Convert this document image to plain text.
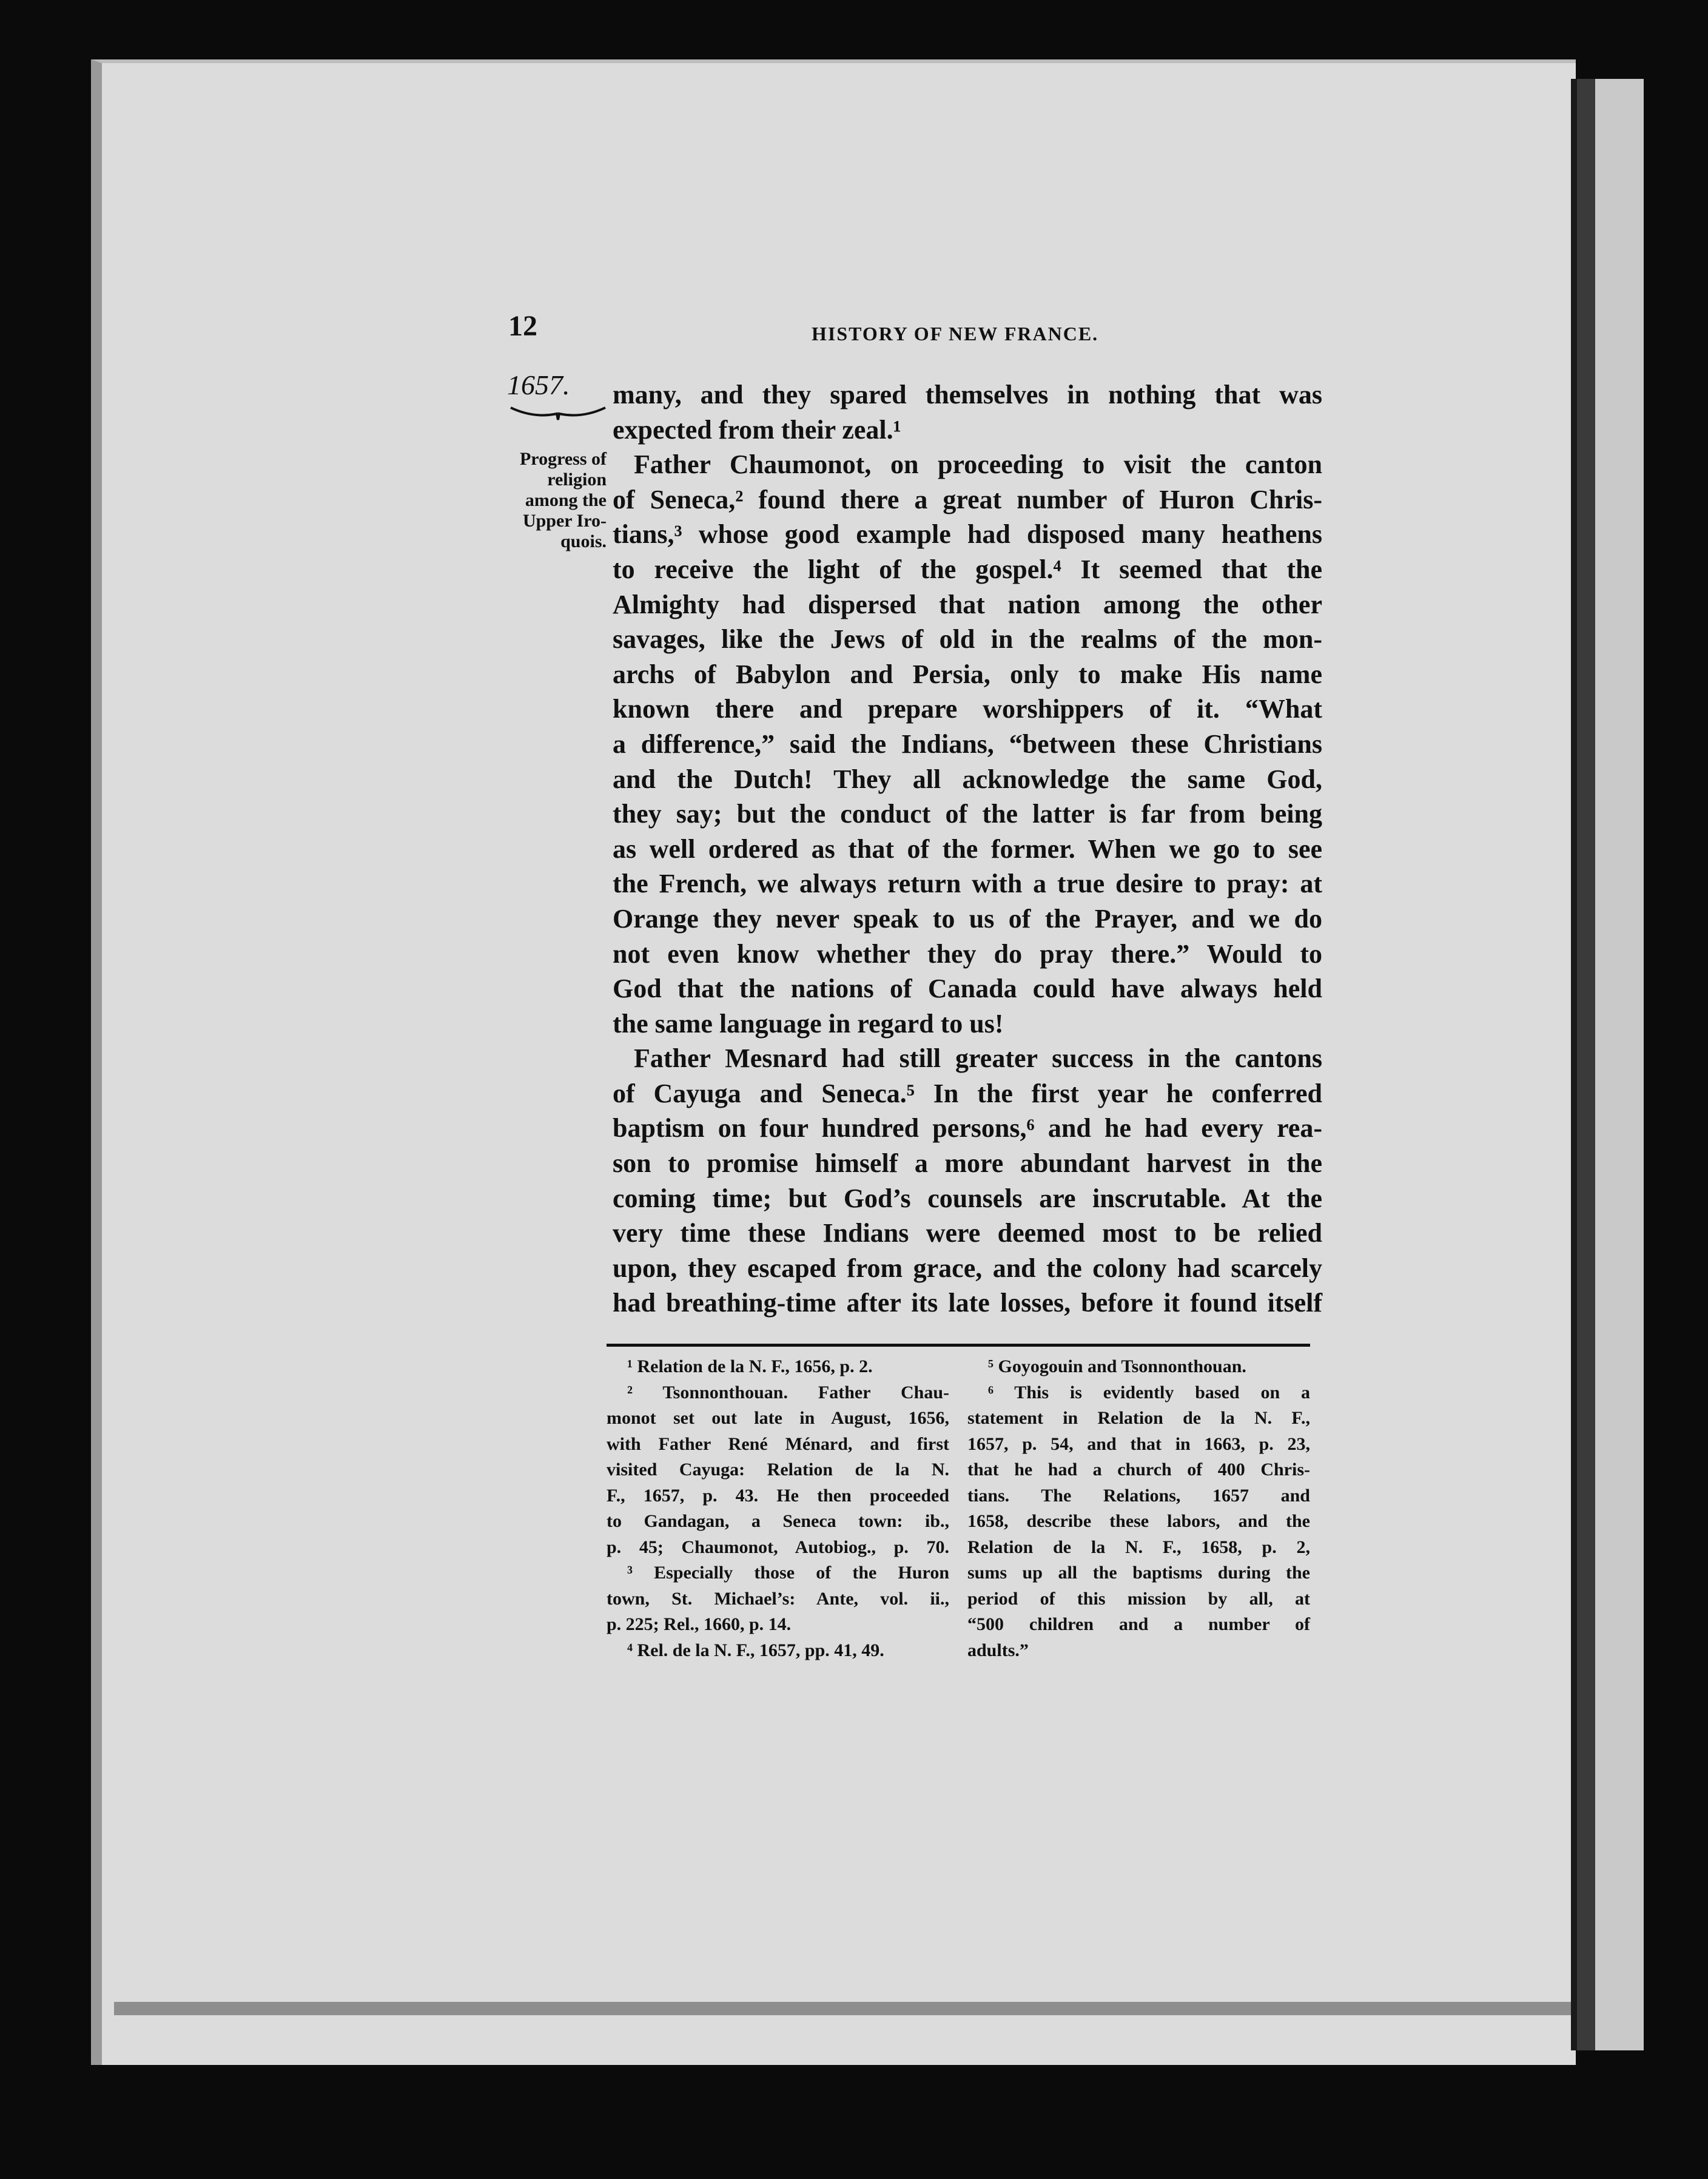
12	HISTORY OF NEW FRANCE.
1657.
Progress of
religion
among the
Upper Iro-
quois.
many, and they spared themselves in nothing that was
expected from their zeal.¹
Father Chaumonot, on proceeding to visit the canton
of Seneca,² found there a great number of Huron Chris-
tians,³ whose good example had disposed many heathens
to receive the light of the gospel.⁴ It seemed that the
Almighty had dispersed that nation among the other
savages, like the Jews of old in the realms of the mon-
archs of Babylon and Persia, only to make His name
known there and prepare worshippers of it. “What
a difference,” said the Indians, “between these Christians
and the Dutch! They all acknowledge the same God,
they say; but the conduct of the latter is far from being
as well ordered as that of the former. When we go to see
the French, we always return with a true desire to pray: at
Orange they never speak to us of the Prayer, and we do
not even know whether they do pray there.” Would to
God that the nations of Canada could have always held
the same language in regard to us!
Father Mesnard had still greater success in the cantons
of Cayuga and Seneca.⁵ In the first year he conferred
baptism on four hundred persons,⁶ and he had every rea-
son to promise himself a more abundant harvest in the
coming time; but God’s counsels are inscrutable. At the
very time these Indians were deemed most to be relied
upon, they escaped from grace, and the colony had scarcely
had breathing-time after its late losses, before it found itself
¹ Relation de la N. F., 1656, p. 2.
² Tsonnonthouan. Father Chau-
monot set out late in August, 1656,
with Father René Ménard, and first
visited Cayuga: Relation de la N.
F., 1657, p. 43. He then proceeded
to Gandagan, a Seneca town: ib.,
p. 45; Chaumonot, Autobiog., p. 70.
³ Especially those of the Huron
town, St. Michael’s: Ante, vol. ii.,
p. 225; Rel., 1660, p. 14.
⁴ Rel. de la N. F., 1657, pp. 41, 49.
⁵ Goyogouin and Tsonnonthouan.
⁶ This is evidently based on a
statement in Relation de la N. F.,
1657, p. 54, and that in 1663, p. 23,
that he had a church of 400 Chris-
tians. The Relations, 1657 and
1658, describe these labors, and the
Relation de la N. F., 1658, p. 2,
sums up all the baptisms during the
period of this mission by all, at
“500 children and a number of
adults.”
